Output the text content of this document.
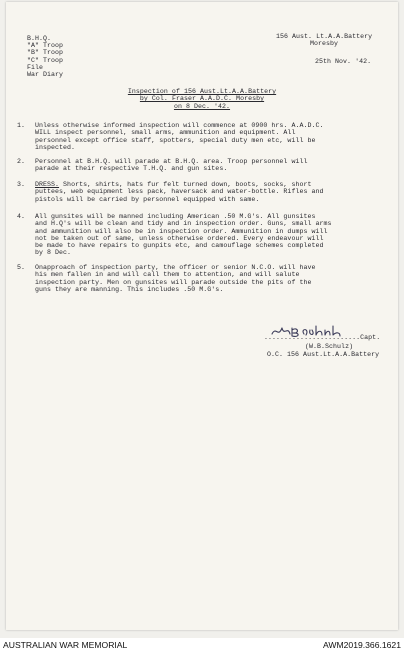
B.H.Q.
"A" Troop
"B" Troop
"C" Troop
File
War Diary
156 Aust. Lt.A.A.Battery
Moresby
25th Nov. '42.
Inspection of 156 Aust.Lt.A.A.Battery
by Col. Fraser A.A.D.C. Moresby
on 8 Dec. '42.
1. Unless otherwise informed inspection will commence at 0900 hrs. A.A.D.C.
WILL inspect personnel, small arms, ammunition and equipment. All
personnel except office staff, spotters, special duty men etc, will be
inspected.
2. Personnel at B.H.Q. will parade at B.H.Q. area. Troop personnel will
parade at their respective T.H.Q. and gun sites.
3. DRESS. Shorts, shirts, hats fur felt turned down, boots, socks, short
puttees, web equipment less pack, haversack and water-bottle. Rifles and
pistols will be carried by personnel equipped with same.
4. All gunsites will be manned including American .50 M.G's. All gunsites
and H.Q's will be clean and tidy and in inspection order. Guns, small arms
and ammunition will also be in inspection order. Ammunition in dumps will
not be taken out of same, unless otherwise ordered. Every endeavour will
be made to have repairs to gunpits etc, and camouflage schemes completed
by 8 Dec.
5. Onapproach of inspection party, the officer or senior N.C.O. will have
his men fallen in and will call them to attention, and will salute
inspection party. Men on gunsites will parade outside the pits of the
guns they are manning. This includes .50 M.G's.
........................Capt.
(W.B.Schulz)
O.C. 156 Aust.Lt.A.A.Battery
AUSTRALIAN WAR MEMORIAL	AWM2019.366.1621
